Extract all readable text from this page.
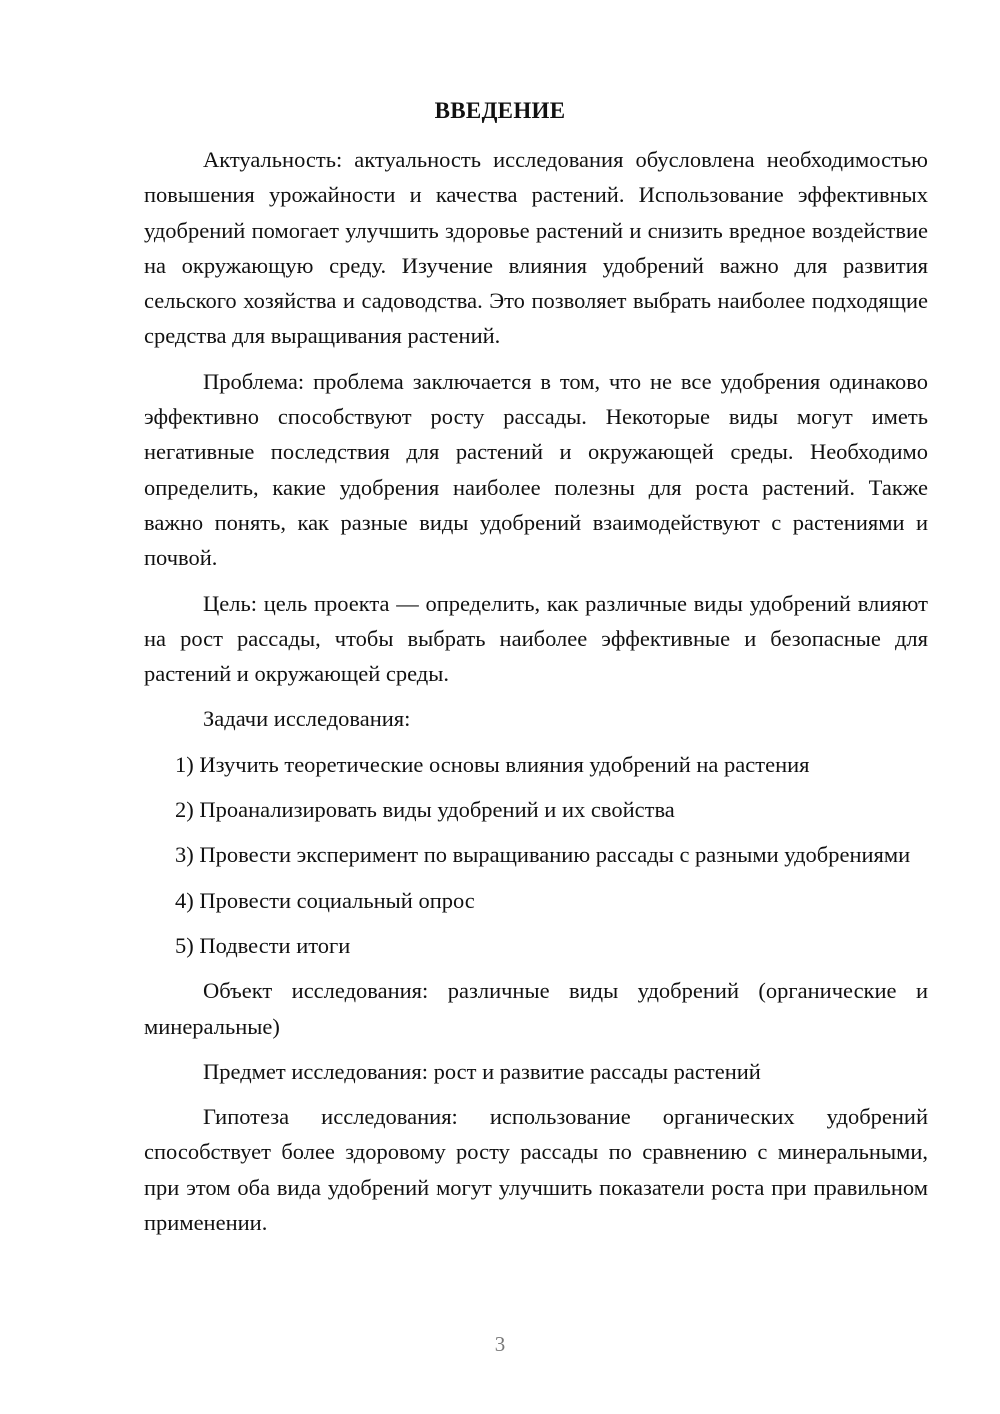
ВВЕДЕНИЕ

Актуальность: актуальность исследования обусловлена необходимостью повышения урожайности и качества растений. Использование эффективных удобрений помогает улучшить здоровье растений и снизить вредное воздействие на окружающую среду. Изучение влияния удобрений важно для развития сельского хозяйства и садоводства. Это позволяет выбрать наиболее подходящие средства для выращивания растений.

Проблема: проблема заключается в том, что не все удобрения одинаково эффективно способствуют росту рассады. Некоторые виды могут иметь негативные последствия для растений и окружающей среды. Необходимо определить, какие удобрения наиболее полезны для роста растений. Также важно понять, как разные виды удобрений взаимодействуют с растениями и почвой.

Цель: цель проекта — определить, как различные виды удобрений влияют на рост рассады, чтобы выбрать наиболее эффективные и безопасные для растений и окружающей среды.

Задачи исследования:

1) Изучить теоретические основы влияния удобрений на растения

2) Проанализировать виды удобрений и их свойства

3) Провести эксперимент по выращиванию рассады с разными удобрениями

4) Провести социальный опрос

5) Подвести итоги

Объект исследования: различные виды удобрений (органические и минеральные)

Предмет исследования: рост и развитие рассады растений

Гипотеза исследования: использование органических удобрений способствует более здоровому росту рассады по сравнению с минеральными, при этом оба вида удобрений могут улучшить показатели роста при правильном применении.

3
